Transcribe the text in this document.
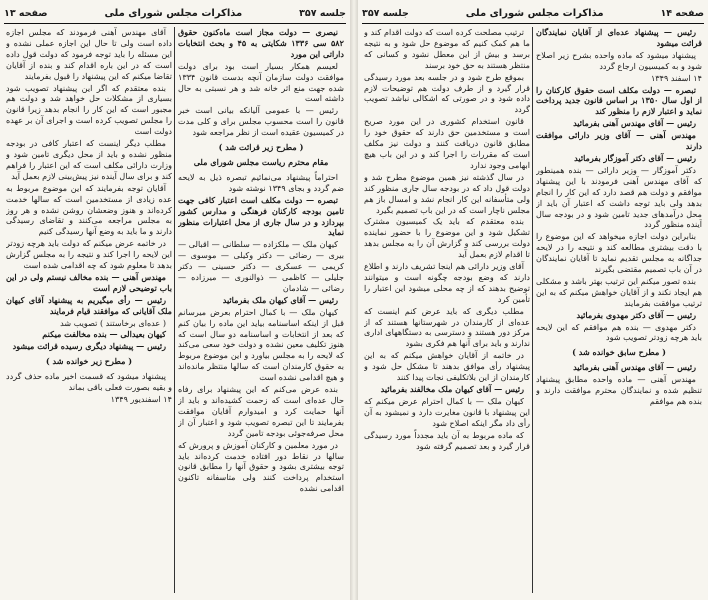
جلسه ۳۵۷
مذاکرات مجلس شورای ملی
صفحه ۱۳

نیصری — دولت مجاز است ماه‌کنون حقوق ۵۸۲ سی ۱۳۳۶ شکایتی به ۴۵ و بحث انتخابات داراتی این مورد

لعیسم همکار بسیار است بود برای دولت موافقت دولت سازمان آنچه بدست قانون ۱۳۳۴ شده جهت منع اثر خانه شد و هر نسبتی به حال داشته است

رئیس — با عمومی آلیانکه بیانی است خبر قانون را است محسوب مجلس برای و کلی مدت در کمیسیون عقیده است از نظر مراجعه شود

( مطرح زیر قرائت شد )

مقام محترم ریاست مجلس شورای ملی

احتراماً پیشنهاد می‌نمائیم تبصره ذیل به لایحه ضم گردد و بجای ۱۳۴۹ نوشته شود

تبصره — دولت مکلف است اعتبار کافی جهت تامین بودجه کارکنان فرهنگی و مدارس کشور بپردازد و در سال جاری از محل اعتبارات منظور نماید

کیهان ملک — ملکزاده — سلطانی — اقبالی — بیری — رضائی — دکتر وکیلی — موسوی — کریمی — عسکری — دکتر حسینی — دکتر جلیلی — کاظمی — ذوالنوری — میرزاده — رضائی — شادمان

رئیس — آقای کیهان ملک بفرمائید

کیهان ملک — با کمال احترام بعرض میرسانم قبل از اینکه اساسنامه بیاید این ماده را بیان کنم که بعد از انتخابات و اساسنامه دو سال است که هنوز تکلیف معین نشده و دولت خود سعی می‌کند که لایحه را به مجلس بیاورد و این موضوع مربوط به حقوق کارمندان است که سالها منتظر مانده‌اند و هیچ اقدامی نشده است

بنده عرض می‌کنم که این پیشنهاد برای رفاه حال عده‌ای است که زحمت کشیده‌اند و باید از آنها حمایت کرد و امیدوارم آقایان موافقت بفرمایند تا این تبصره تصویب شود و اعتبار آن از محل صرفه‌جوئی بودجه تامین گردد

در مورد معلمین و کارکنان آموزش و پرورش که سالها در نقاط دور افتاده خدمت کرده‌اند باید توجه بیشتری بشود و حقوق آنها را مطابق قانون استخدام پرداخت کنند ولی متاسفانه تاکنون اقدامی نشده

آقای مهندس آهنی فرمودند که مجلس اجازه داده است ولی تا حال این اجازه عملی نشده و این مسئله را باید توجه فرمود که دولت قول داده است که در این باره اقدام کند و بنده از آقایان تقاضا میکنم که این پیشنهاد را قبول بفرمایند

بنده معتقدم که اگر این پیشنهاد تصویب شود بسیاری از مشکلات حل خواهد شد و دولت هم مجبور است که این کار را انجام بدهد زیرا قانون را مجلس تصویب کرده است و اجرای آن بر عهده دولت است

مطلب دیگر اینست که اعتبار کافی در بودجه منظور نشده و باید از محل دیگری تامین شود و وزارت دارائی مکلف است که این اعتبار را فراهم کند و برای سال آینده نیز پیش‌بینی لازم بعمل آید

آقایان توجه بفرمایند که این موضوع مربوط به عده زیادی از مستخدمین است که سالها خدمت کرده‌اند و هنوز وضعشان روشن نشده و هر روز به مجلس مراجعه می‌کنند و تقاضای رسیدگی دارند و ما باید به وضع آنها رسیدگی کنیم

در خاتمه عرض میکنم که دولت باید هرچه زودتر این لایحه را اجرا کند و نتیجه را به مجلس گزارش بدهد تا معلوم شود که چه اقدامی شده است

مهندس آهنی — بنده مخالف نیستم ولی در این باب توضیحی لازم است

رئیس — رأی میگیریم به پیشنهاد آقای کیهان ملک آقایانی که موافقند قیام فرمایند

( عده‌ای برخاستند ) تصویب شد

کیهان بعیدالی — بنده مخالفت میکنم

رئیس — پیشنهاد دیگری رسیده قرائت میشود

( مطرح زیر خوانده شد )

پیشنهاد میشود که قسمت اخیر ماده حذف گردد و بقیه بصورت فعلی باقی بماند

۱۴ اسفندیور ۱۳۴۹

صفحه ۱۴
مذاکرات مجلس شورای ملی
جلسه ۳۵۷

رئیس — پیشنهاد عده‌ای از آقایان نمایندگان قرائت میشود

پیشنهاد میشود که ماده واحده بشرح زیر اصلاح شود و به کمیسیون ارجاع گردد

۱۴ اسفند ۱۳۴۹

تبصره — دولت مکلف است حقوق کارکنان را از اول سال ۱۳۵۰ بر اساس قانون جدید پرداخت نماید و اعتبار لازم را منظور کند

رئیس — آقای مهندس آهنی بفرمائید

مهندس آهنی — آقای وزیر دارائی موافقت دارند

رئیس — آقای دکتر آموزگار بفرمائید

دکتر آموزگار — وزیر دارائی — بنده همینطور که آقای مهندس آهنی فرمودند با این پیشنهاد موافقم و دولت هم قصد دارد که این کار را انجام بدهد ولی باید توجه داشت که اعتبار آن باید از محل درآمدهای جدید تامین شود و در بودجه سال آینده منظور گردد

بنابراین دولت اجازه میخواهد که این موضوع را با دقت بیشتری مطالعه کند و نتیجه را در لایحه جداگانه به مجلس تقدیم نماید تا آقایان نمایندگان در آن باب تصمیم مقتضی بگیرند

بنده تصور میکنم این ترتیب بهتر باشد و مشکلی هم ایجاد نکند و از آقایان خواهش میکنم که به این ترتیب موافقت بفرمایند

رئیس — آقای دکتر مهدوی بفرمائید

دکتر مهدوی — بنده هم موافقم که این لایحه باید هرچه زودتر تصویب شود

( مطرح سابق خوانده شد )

رئیس — آقای مهندس آهنی بفرمائید

مهندس آهنی — ماده واحده مطابق پیشنهاد تنظیم شده و نمایندگان محترم موافقت دارند و بنده هم موافقم

ترتیب مصلحت کرده است که دولت اقدام کند و ما هم کمک کنیم که موضوع حل شود و به نتیجه برسد و بیش از این معطل نشود و کسانی که منتظر هستند به حق خود برسند

بموقع طرح شود و در جلسه بعد مورد رسیدگی قرار گیرد و از طرف دولت هم توضیحات لازم داده شود و در صورتی که اشکالی نباشد تصویب گردد

قانون استخدام کشوری در این مورد صریح است و مستخدمین حق دارند که حقوق خود را مطابق قانون دریافت کنند و دولت نیز مکلف است که مقررات را اجرا کند و در این باب هیچ ابهامی وجود ندارد

در سال گذشته نیز همین موضوع مطرح شد و دولت قول داد که در بودجه سال جاری منظور کند ولی متأسفانه این کار انجام نشد و امسال باز هم مجلس ناچار است که در این باب تصمیم بگیرد

بنده معتقدم که باید یک کمیسیون مشترک تشکیل شود و این موضوع را با حضور نماینده دولت بررسی کند و گزارش آن را به مجلس بدهد تا اقدام لازم بعمل آید

آقای وزیر دارائی هم اینجا تشریف دارند و اطلاع دارند که وضع بودجه چگونه است و میتوانند توضیح بدهند که از چه محلی میشود این اعتبار را تأمین کرد

مطلب دیگری که باید عرض کنم اینست که عده‌ای از کارمندان در شهرستانها هستند که از مرکز دور هستند و دسترسی به دستگاههای اداری ندارند و باید برای آنها هم فکری بشود

در خاتمه از آقایان خواهش میکنم که به این پیشنهاد رأی موافق بدهند تا مشکل حل شود و کارمندان از این بلاتکلیفی نجات پیدا کنند

رئیس — آقای کیهان ملک مخالفند بفرمائید

کیهان ملک — با کمال احترام عرض میکنم که این پیشنهاد با قانون مغایرت دارد و نمیشود به آن رأی داد مگر اینکه اصلاح شود

که ماده مربوط به آن باید مجدداً مورد رسیدگی قرار گیرد و بعد تصمیم گرفته شود
